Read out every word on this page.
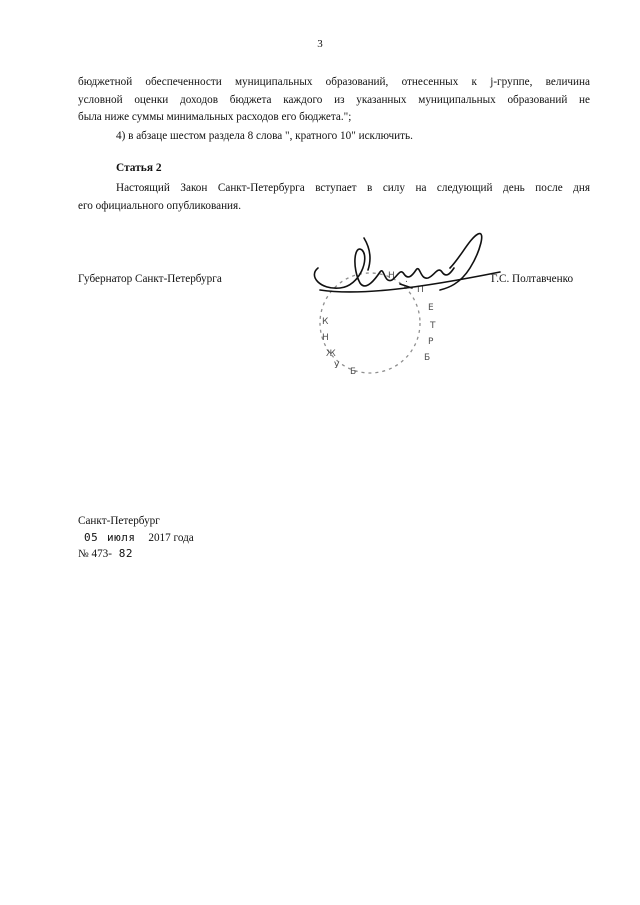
3
бюджетной обеспеченности муниципальных образований, отнесенных к j-группе, величина
условной оценки доходов бюджета каждого из указанных муниципальных образований не
была ниже суммы минимальных расходов его бюджета.";
4) в абзаце шестом раздела 8 слова ", кратного 10" исключить.
Статья 2
Настоящий Закон Санкт-Петербурга вступает в силу на следующий день после дня
его официального опубликования.
Губернатор Санкт-Петербурга	Н .
П
Е
Т
Р
Б
К
Н
Ж
У
Б
Г.С. Полтавченко
Санкт-Петербург
05 июля 2017 года
№ 473- 82
